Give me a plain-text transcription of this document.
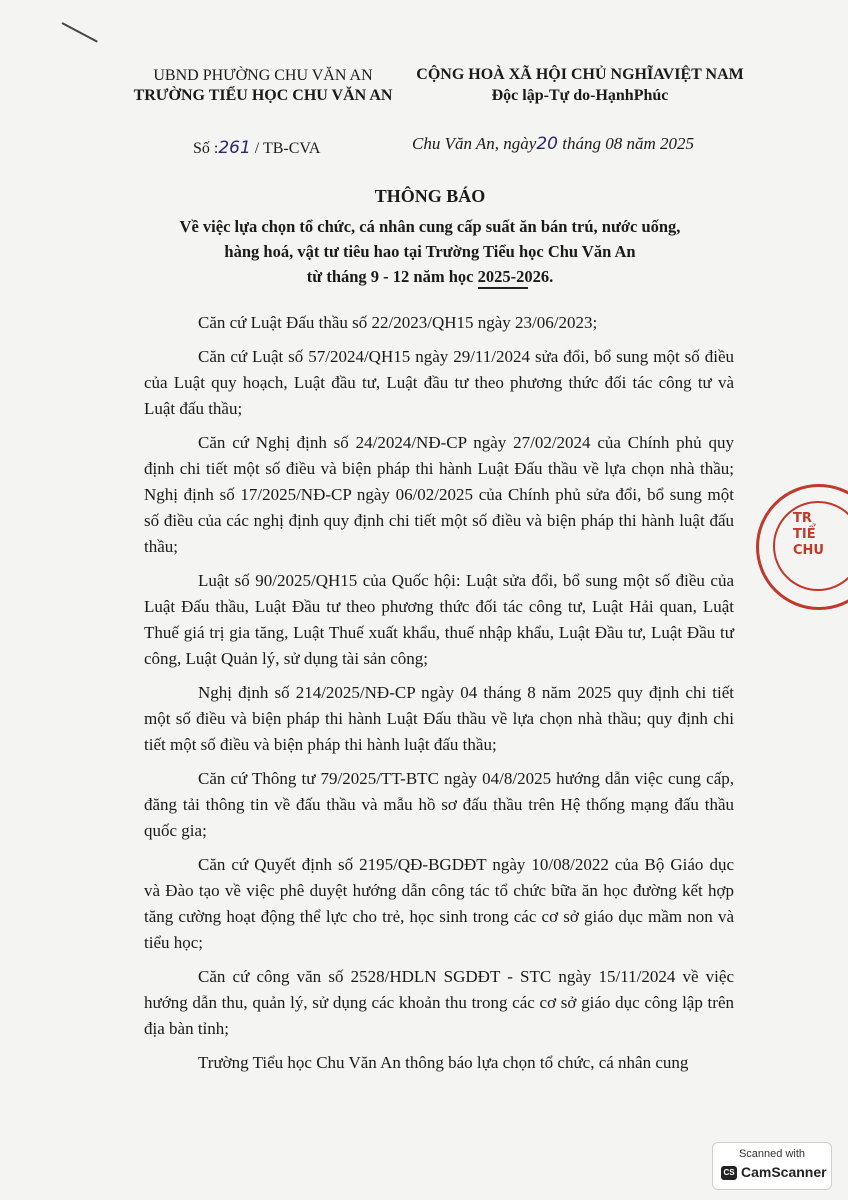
UBND PHƯỜNG CHU VĂN AN
TRƯỜNG TIỂU HỌC CHU VĂN AN
CỘNG HOÀ XÃ HỘI CHỦ NGHĨAVIỆT NAM
Độc lập-Tự do-HạnhPhúc
Số :261 / TB-CVA	Chu Văn An, ngày20 tháng 08 năm 2025
THÔNG BÁO
Về việc lựa chọn tổ chức, cá nhân cung cấp suất ăn bán trú, nước uống,
hàng hoá, vật tư tiêu hao tại Trường Tiểu học Chu Văn An
từ tháng 9 - 12 năm học 2025-2026.

Căn cứ Luật Đấu thầu số 22/2023/QH15 ngày 23/06/2023;

Căn cứ Luật số 57/2024/QH15 ngày 29/11/2024 sửa đổi, bổ sung một số điều của Luật quy hoạch, Luật đầu tư, Luật đầu tư theo phương thức đối tác công tư và Luật đấu thầu;

Căn cứ Nghị định số 24/2024/NĐ-CP ngày 27/02/2024 của Chính phủ quy định chi tiết một số điều và biện pháp thi hành Luật Đấu thầu về lựa chọn nhà thầu; Nghị định số 17/2025/NĐ-CP ngày 06/02/2025 của Chính phủ sửa đổi, bổ sung một số điều của các nghị định quy định chi tiết một số điều và biện pháp thi hành luật đấu thầu;

Luật số 90/2025/QH15 của Quốc hội: Luật sửa đổi, bổ sung một số điều của Luật Đấu thầu, Luật Đầu tư theo phương thức đối tác công tư, Luật Hải quan, Luật Thuế giá trị gia tăng, Luật Thuế xuất khẩu, thuế nhập khẩu, Luật Đầu tư, Luật Đầu tư công, Luật Quản lý, sử dụng tài sản công;

Nghị định số 214/2025/NĐ-CP ngày 04 tháng 8 năm 2025 quy định chi tiết một số điều và biện pháp thi hành Luật Đấu thầu về lựa chọn nhà thầu; quy định chi tiết một số điều và biện pháp thi hành luật đấu thầu;

Căn cứ Thông tư 79/2025/TT-BTC ngày 04/8/2025 hướng dẫn việc cung cấp, đăng tải thông tin về đấu thầu và mẫu hồ sơ đấu thầu trên Hệ thống mạng đấu thầu quốc gia;

Căn cứ Quyết định số 2195/QĐ-BGDĐT ngày 10/08/2022 của Bộ Giáo dục và Đào tạo về việc phê duyệt hướng dẫn công tác tổ chức bữa ăn học đường kết hợp tăng cường hoạt động thể lực cho trẻ, học sinh trong các cơ sở giáo dục mầm non và tiểu học;

Căn cứ công văn số 2528/HDLN SGDĐT - STC ngày 15/11/2024 về việc hướng dẫn thu, quản lý, sử dụng các khoản thu trong các cơ sở giáo dục công lập trên địa bàn tỉnh;

Trường Tiểu học Chu Văn An thông báo lựa chọn tổ chức, cá nhân cung

TR
TIỂ
CHU
Scanned with
CS CamScanner
